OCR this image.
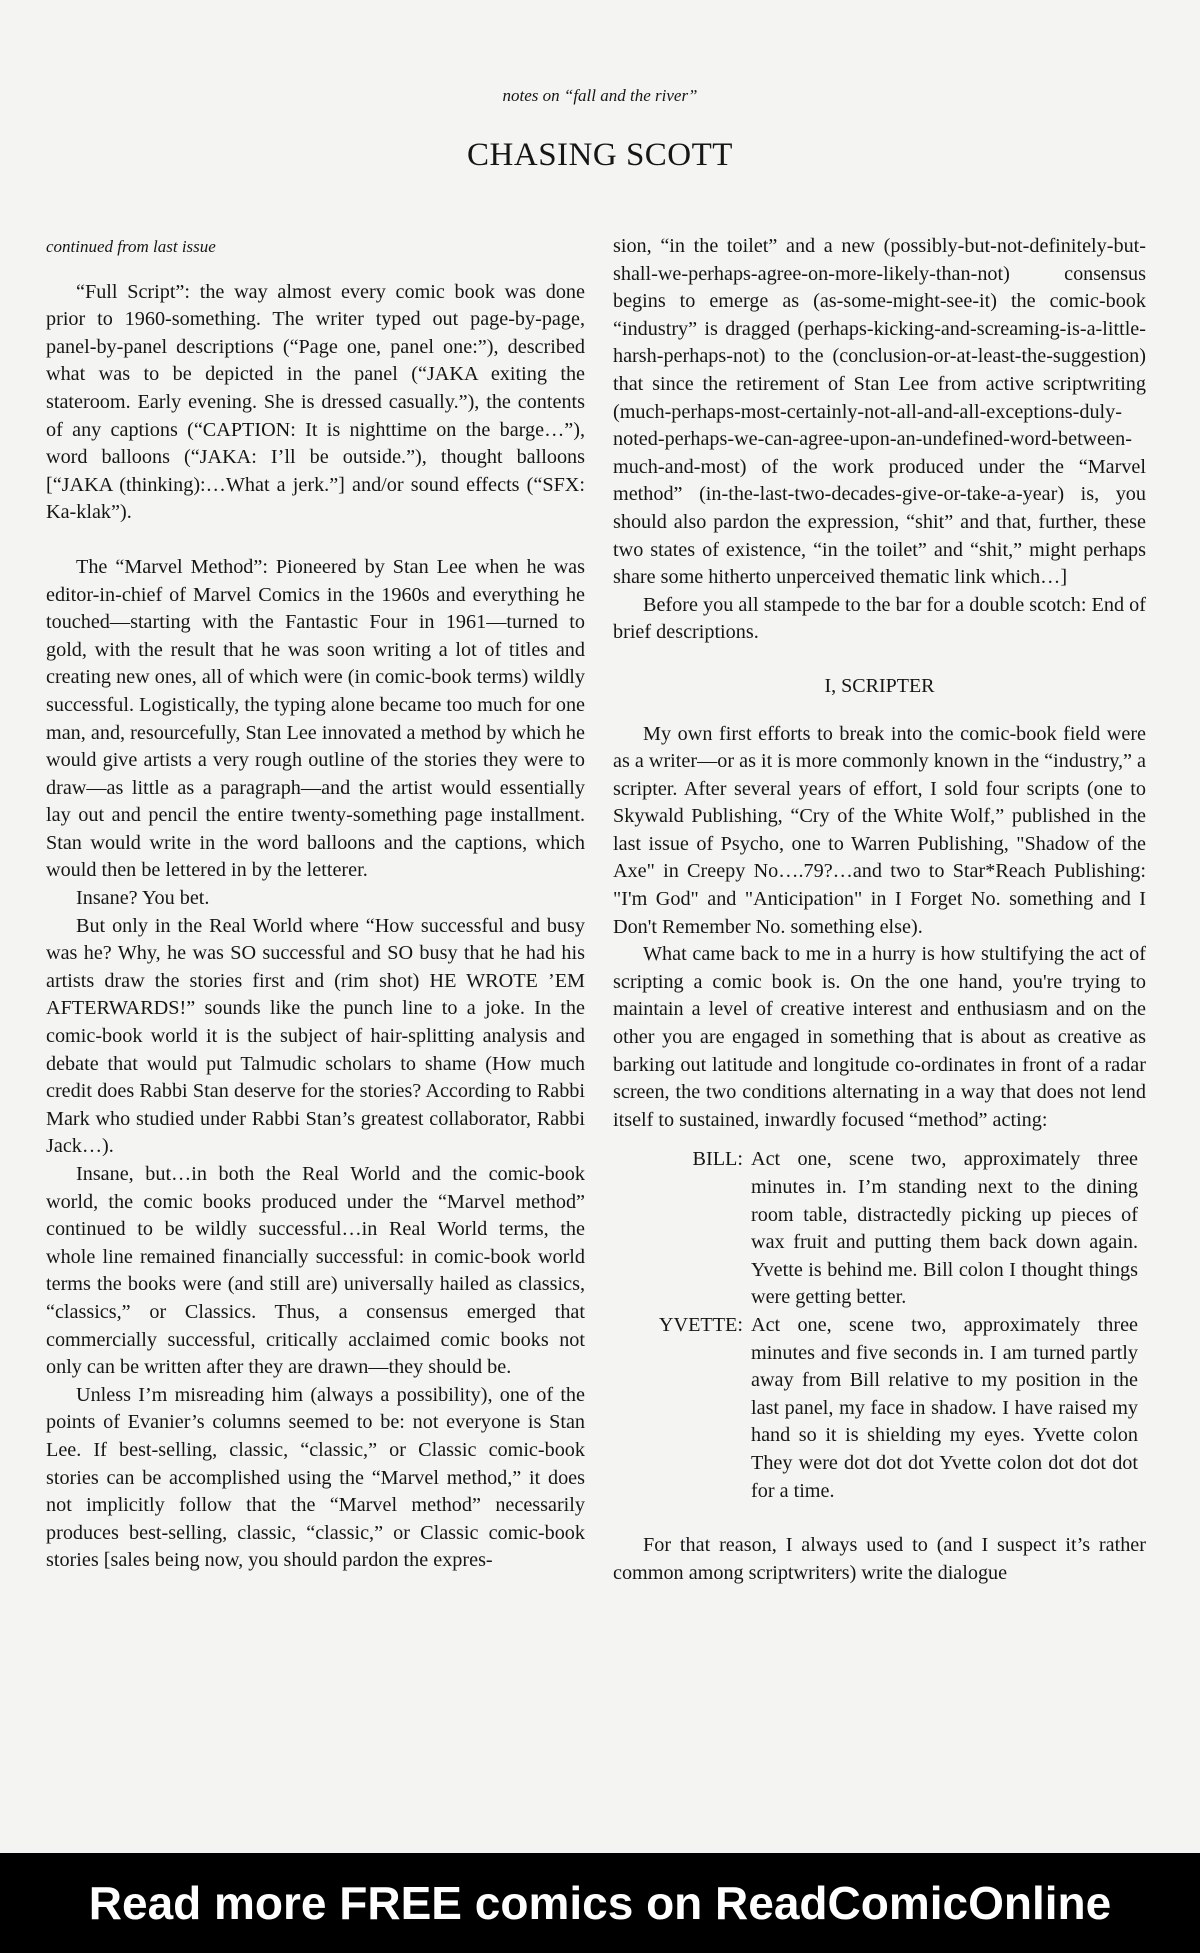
notes on “fall and the river”
CHASING SCOTT

continued from last issue

“Full Script”: the way almost every comic book was done prior to 1960-something. The writer typed out page-by-page, panel-by-panel descriptions (“Page one, panel one:”), described what was to be depicted in the panel (“JAKA exiting the stateroom. Early evening. She is dressed casually.”), the contents of any captions (“CAPTION: It is nighttime on the barge…”), word balloons (“JAKA: I’ll be outside.”), thought balloons [“JAKA (thinking):…What a jerk.”] and/or sound effects (“SFX: Ka-klak”).

The “Marvel Method”: Pioneered by Stan Lee when he was editor-in-chief of Marvel Comics in the 1960s and everything he touched—starting with the Fantastic Four in 1961—turned to gold, with the result that he was soon writing a lot of titles and creating new ones, all of which were (in comic-book terms) wildly successful. Logistically, the typing alone became too much for one man, and, resourcefully, Stan Lee innovated a method by which he would give artists a very rough outline of the stories they were to draw—as little as a paragraph—and the artist would essentially lay out and pencil the entire twenty-something page installment. Stan would write in the word balloons and the captions, which would then be lettered in by the letterer.

Insane? You bet.

But only in the Real World where “How successful and busy was he? Why, he was SO successful and SO busy that he had his artists draw the stories first and (rim shot) HE WROTE ’EM AFTERWARDS!” sounds like the punch line to a joke. In the comic-book world it is the subject of hair-splitting analysis and debate that would put Talmudic scholars to shame (How much credit does Rabbi Stan deserve for the stories? According to Rabbi Mark who studied under Rabbi Stan’s greatest collaborator, Rabbi Jack…).

Insane, but…in both the Real World and the comic-book world, the comic books produced under the “Marvel method” continued to be wildly successful…in Real World terms, the whole line remained financially successful: in comic-book world terms the books were (and still are) universally hailed as classics, “classics,” or Classics. Thus, a consensus emerged that commercially successful, critically acclaimed comic books not only can be written after they are drawn—they should be.

Unless I’m misreading him (always a possibility), one of the points of Evanier’s columns seemed to be: not everyone is Stan Lee. If best-selling, classic, “classic,” or Classic comic-book stories can be accomplished using the “Marvel method,” it does not implicitly follow that the “Marvel method” necessarily produces best-selling, classic, “classic,” or Classic comic-book stories [sales being now, you should pardon the expres-

sion, “in the toilet” and a new (possibly-but-not-definitely-but-shall-we-perhaps-agree-on-more-likely-than-not) consensus begins to emerge as (as-some-might-see-it) the comic-book “industry” is dragged (perhaps-kicking-and-screaming-is-a-little-harsh-perhaps-not) to the (conclusion-or-at-least-the-suggestion) that since the retirement of Stan Lee from active scriptwriting (much-perhaps-most-certainly-not-all-and-all-exceptions-duly-noted-perhaps-we-can-agree-upon-an-undefined-word-between-much-and-most) of the work produced under the “Marvel method” (in-the-last-two-decades-give-or-take-a-year) is, you should also pardon the expression, “shit” and that, further, these two states of existence, “in the toilet” and “shit,” might perhaps share some hitherto unperceived thematic link which…]

Before you all stampede to the bar for a double scotch: End of brief descriptions.

I, SCRIPTER

My own first efforts to break into the comic-book field were as a writer—or as it is more commonly known in the “industry,” a scripter. After several years of effort, I sold four scripts (one to Skywald Publishing, “Cry of the White Wolf,” published in the last issue of Psycho, one to Warren Publishing, "Shadow of the Axe" in Creepy No….79?…and two to Star*Reach Publishing: "I'm God" and "Anticipation" in I Forget No. something and I Don't Remember No. something else).

What came back to me in a hurry is how stultifying the act of scripting a comic book is. On the one hand, you're trying to maintain a level of creative interest and enthusiasm and on the other you are engaged in something that is about as creative as barking out latitude and longitude co-ordinates in front of a radar screen, the two conditions alternating in a way that does not lend itself to sustained, inwardly focused “method” acting:

BILL: Act one, scene two, approximately three minutes in. I’m standing next to the dining room table, distractedly picking up pieces of wax fruit and putting them back down again. Yvette is behind me. Bill colon I thought things were getting better.
YVETTE: Act one, scene two, approximately three minutes and five seconds in. I am turned partly away from Bill relative to my position in the last panel, my face in shadow. I have raised my hand so it is shielding my eyes. Yvette colon They were dot dot dot Yvette colon dot dot dot for a time.

For that reason, I always used to (and I suspect it’s rather common among scriptwriters) write the dialogue

Read more FREE comics on ReadComicOnline
